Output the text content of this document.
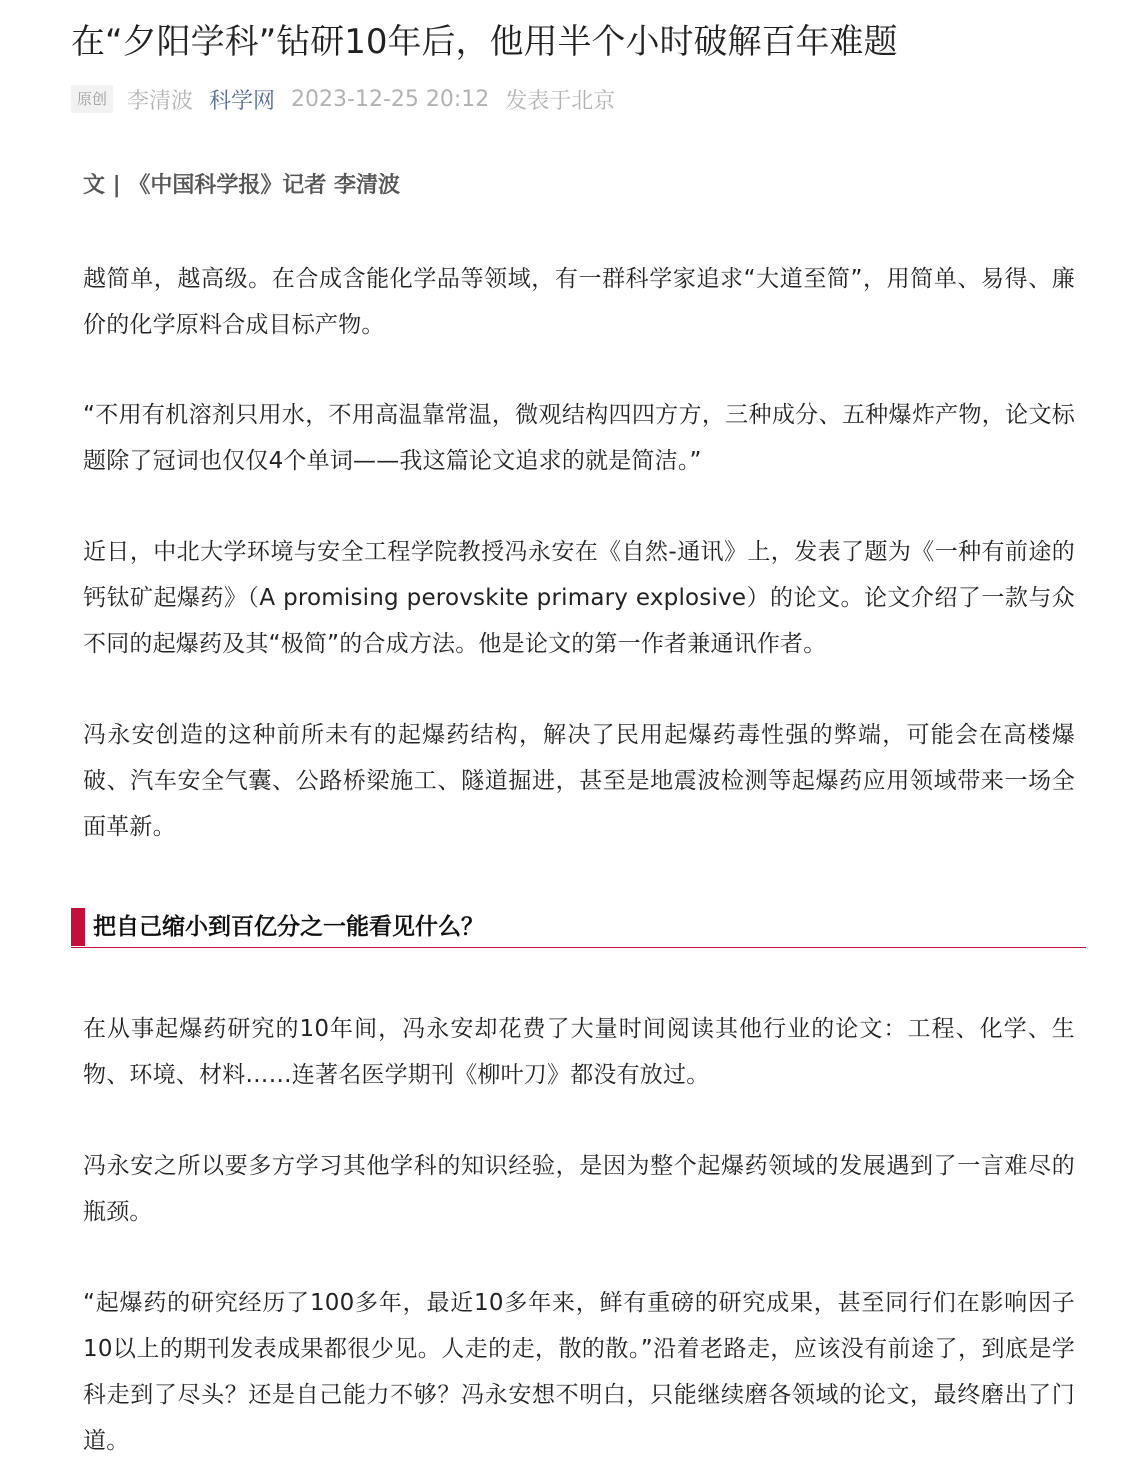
在“夕阳学科”钻研10年后，他用半个小时破解百年难题
原创 李清波 科学网 2023-12-25 20:12 发表于北京
文 | 《中国科学报》记者 李清波

越简单，越高级。在合成含能化学品等领域，有一群科学家追求“大道至简”，用简单、易得、廉价的化学原料合成目标产物。

“不用有机溶剂只用水，不用高温靠常温，微观结构四四方方，三种成分、五种爆炸产物，论文标题除了冠词也仅仅4个单词——我这篇论文追求的就是简洁。”

近日，中北大学环境与安全工程学院教授冯永安在《自然-通讯》上，发表了题为《一种有前途的钙钛矿起爆药》（A promising perovskite primary explosive）的论文。论文介绍了一款与众不同的起爆药及其“极简”的合成方法。他是论文的第一作者兼通讯作者。

冯永安创造的这种前所未有的起爆药结构，解决了民用起爆药毒性强的弊端，可能会在高楼爆破、汽车安全气囊、公路桥梁施工、隧道掘进，甚至是地震波检测等起爆药应用领域带来一场全面革新。

把自己缩小到百亿分之一能看见什么？

在从事起爆药研究的10年间，冯永安却花费了大量时间阅读其他行业的论文：工程、化学、生物、环境、材料……连著名医学期刊《柳叶刀》都没有放过。

冯永安之所以要多方学习其他学科的知识经验，是因为整个起爆药领域的发展遇到了一言难尽的瓶颈。

“起爆药的研究经历了100多年，最近10多年来，鲜有重磅的研究成果，甚至同行们在影响因子10以上的期刊发表成果都很少见。人走的走，散的散。”沿着老路走，应该没有前途了，到底是学科走到了尽头？还是自己能力不够？冯永安想不明白，只能继续磨各领域的论文，最终磨出了门道。
